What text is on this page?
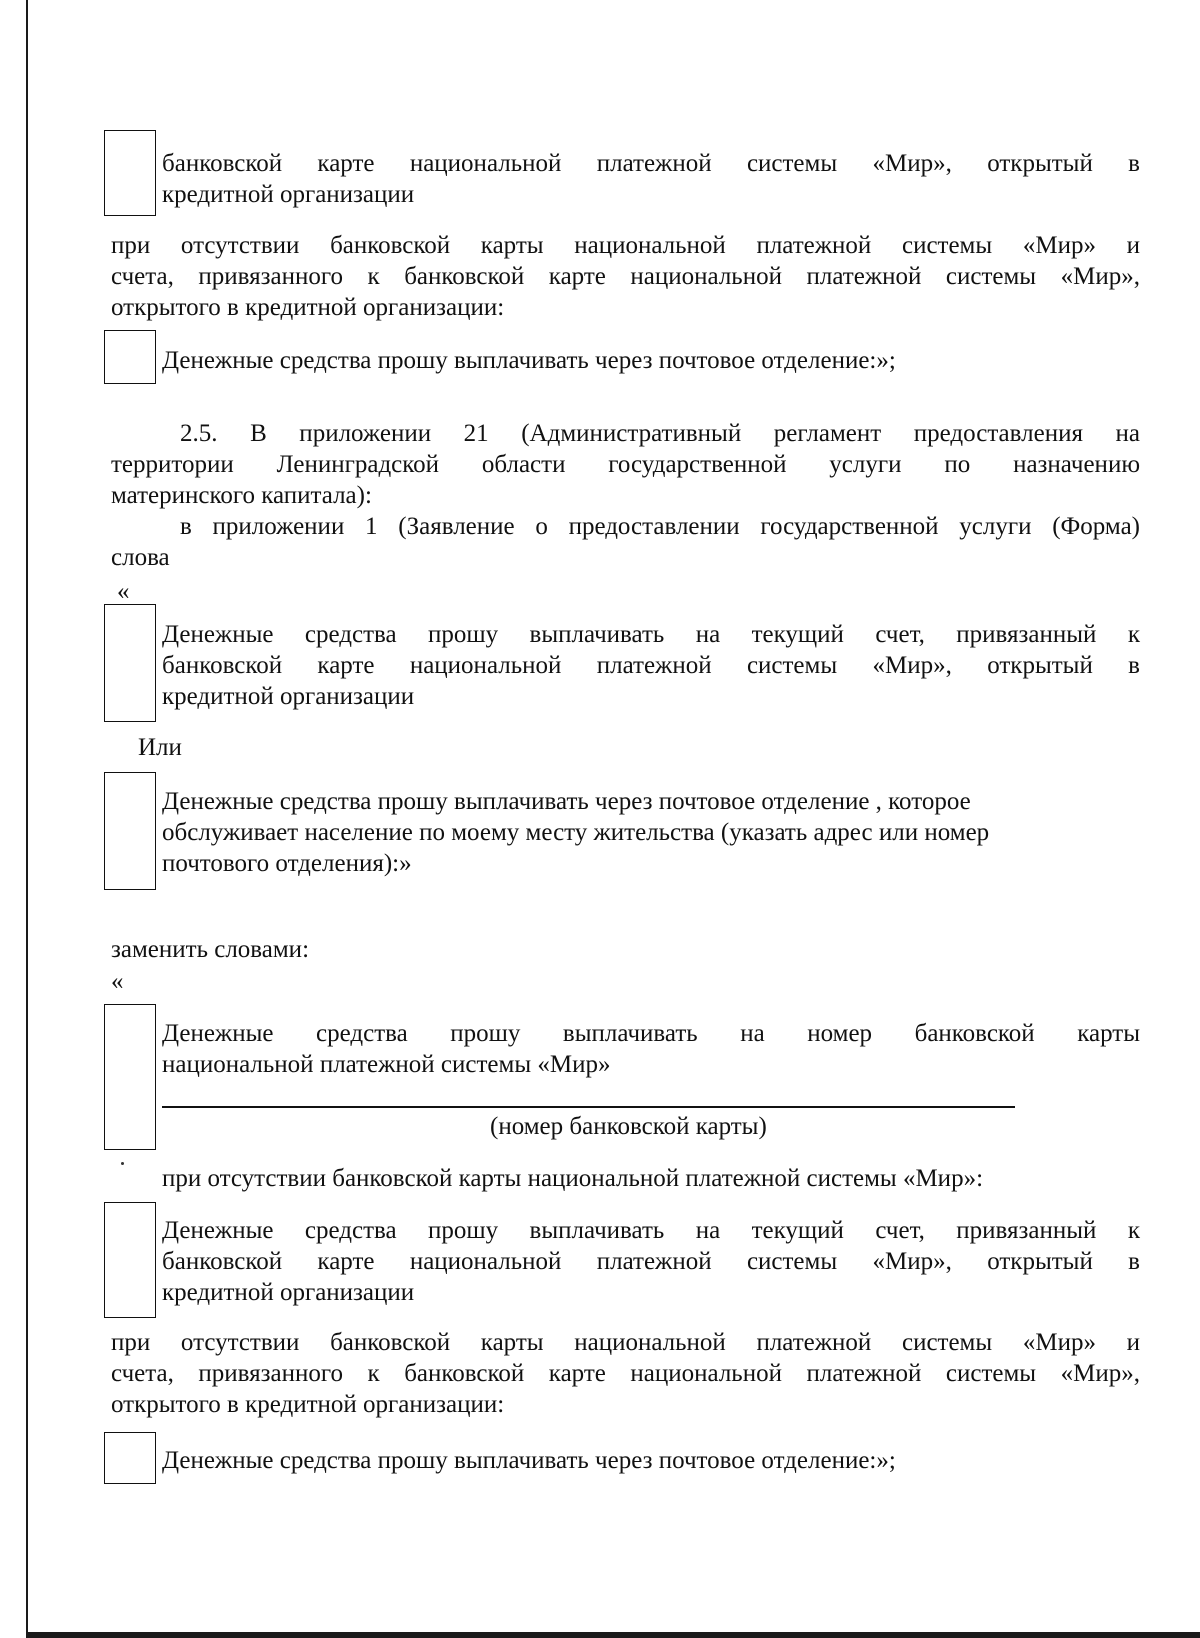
банковской карте национальной платежной системы «Мир», открытый в

кредитной организации

при отсутствии банковской карты национальной платежной системы «Мир» и

счета, привязанного к банковской карте национальной платежной системы «Мир»,

открытого в кредитной организации:

Денежные средства прошу выплачивать через почтовое отделение:»;

2.5. В приложении 21 (Административный регламент предоставления на

территории Ленинградской области государственной услуги по назначению

материнского капитала):

в приложении 1 (Заявление о предоставлении государственной услуги (Форма)

слова

«

Денежные средства прошу выплачивать на текущий счет, привязанный к

банковской карте национальной платежной системы «Мир», открытый в

кредитной организации

Или

Денежные средства прошу выплачивать через почтовое отделение , которое

обслуживает население по моему месту жительства (указать адрес или номер

почтового отделения):»

заменить словами:

«

Денежные средства прошу выплачивать на номер банковской карты

национальной платежной системы «Мир»

(номер банковской карты)

при отсутствии банковской карты национальной платежной системы «Мир»:

Денежные средства прошу выплачивать на текущий счет, привязанный к

банковской карте национальной платежной системы «Мир», открытый в

кредитной организации

при отсутствии банковской карты национальной платежной системы «Мир» и

счета, привязанного к банковской карте национальной платежной системы «Мир»,

открытого в кредитной организации:

Денежные средства прошу выплачивать через почтовое отделение:»;
